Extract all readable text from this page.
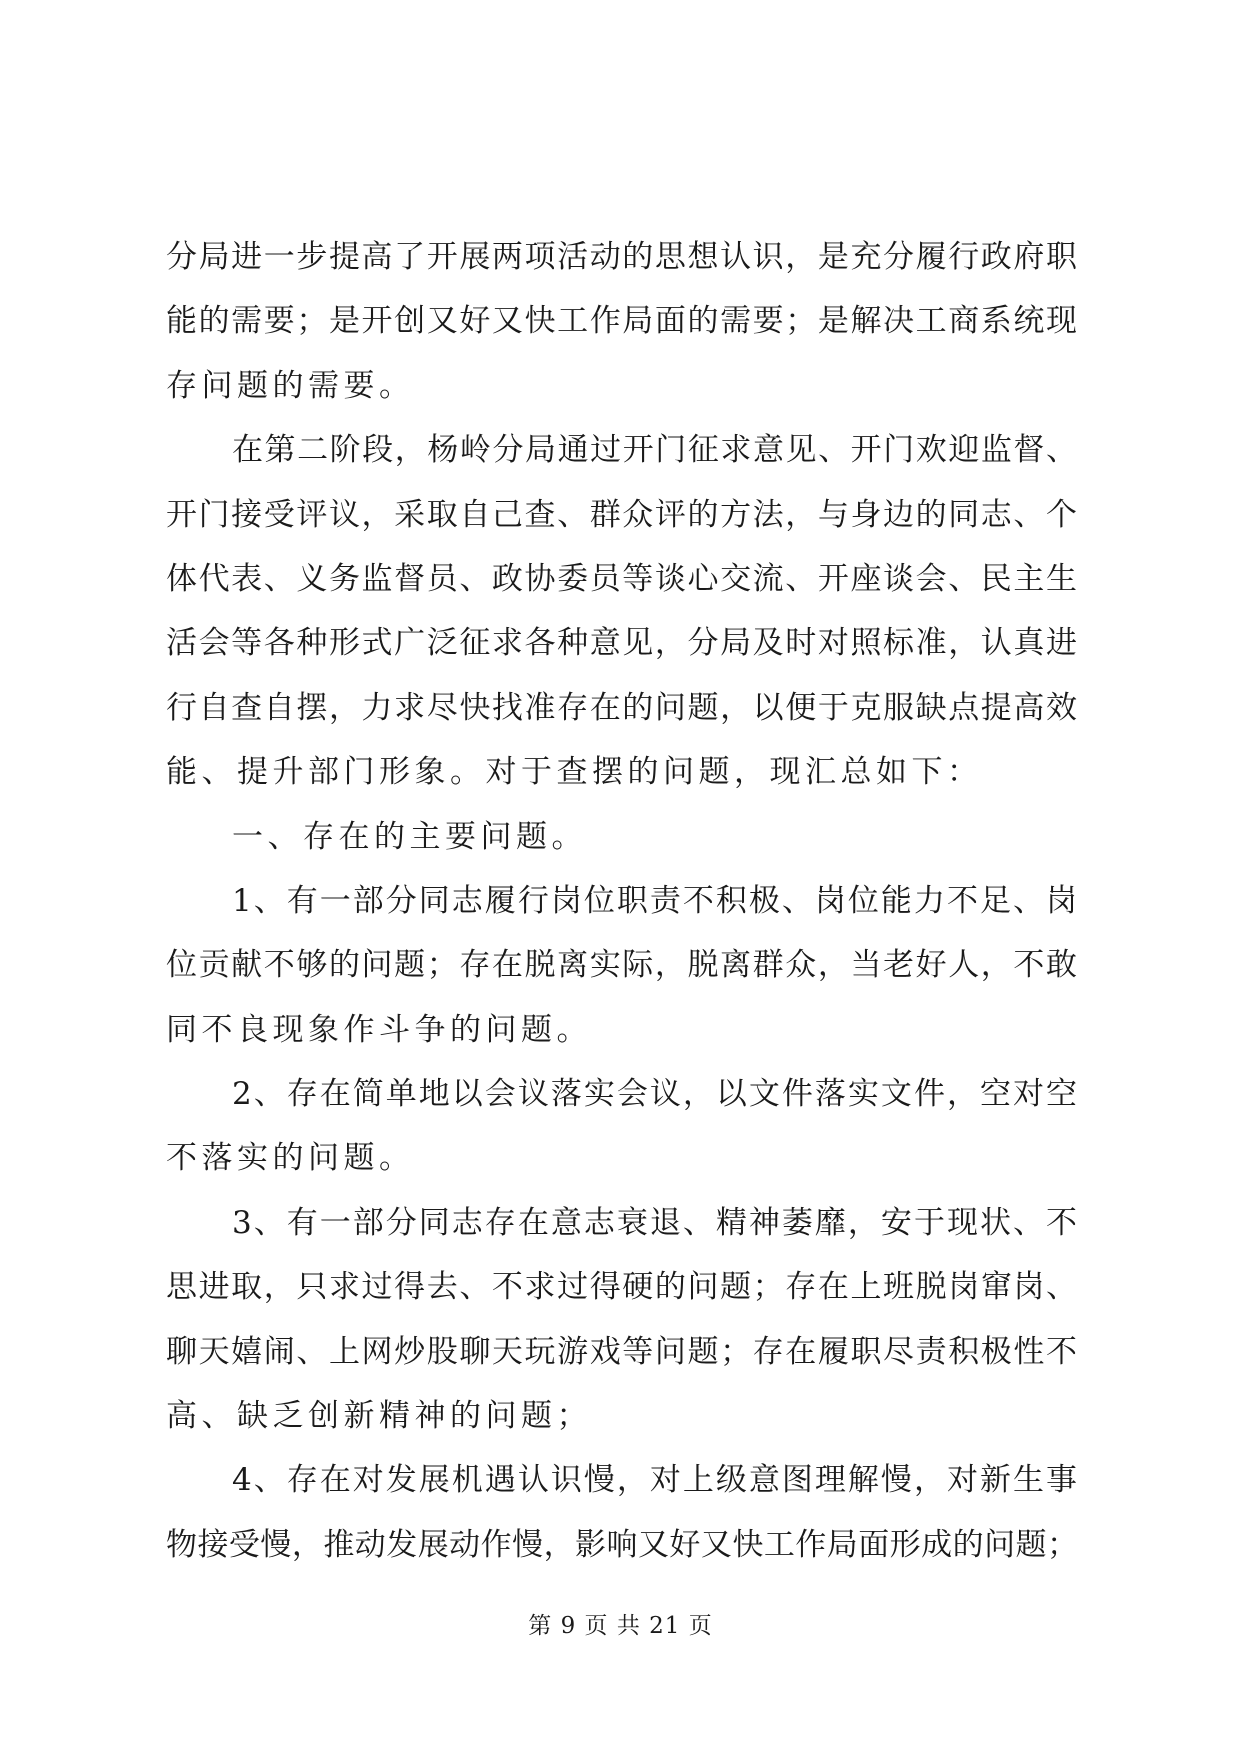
分局进一步提高了开展两项活动的思想认识，是充分履行政府职
能的需要；是开创又好又快工作局面的需要；是解决工商系统现
存问题的需要。
在第二阶段，杨岭分局通过开门征求意见、开门欢迎监督、
开门接受评议，采取自己查、群众评的方法，与身边的同志、个
体代表、义务监督员、政协委员等谈心交流、开座谈会、民主生
活会等各种形式广泛征求各种意见，分局及时对照标准，认真进
行自查自摆，力求尽快找准存在的问题，以便于克服缺点提高效
能、提升部门形象。对于查摆的问题，现汇总如下：
一、存在的主要问题。
1、有一部分同志履行岗位职责不积极、岗位能力不足、岗
位贡献不够的问题；存在脱离实际，脱离群众，当老好人，不敢
同不良现象作斗争的问题。
2、存在简单地以会议落实会议，以文件落实文件，空对空
不落实的问题。
3、有一部分同志存在意志衰退、精神萎靡，安于现状、不
思进取，只求过得去、不求过得硬的问题；存在上班脱岗窜岗、
聊天嬉闹、上网炒股聊天玩游戏等问题；存在履职尽责积极性不
高、缺乏创新精神的问题；
4、存在对发展机遇认识慢，对上级意图理解慢，对新生事
物接受慢，推动发展动作慢，影响又好又快工作局面形成的问题；
第 9 页 共 21 页
